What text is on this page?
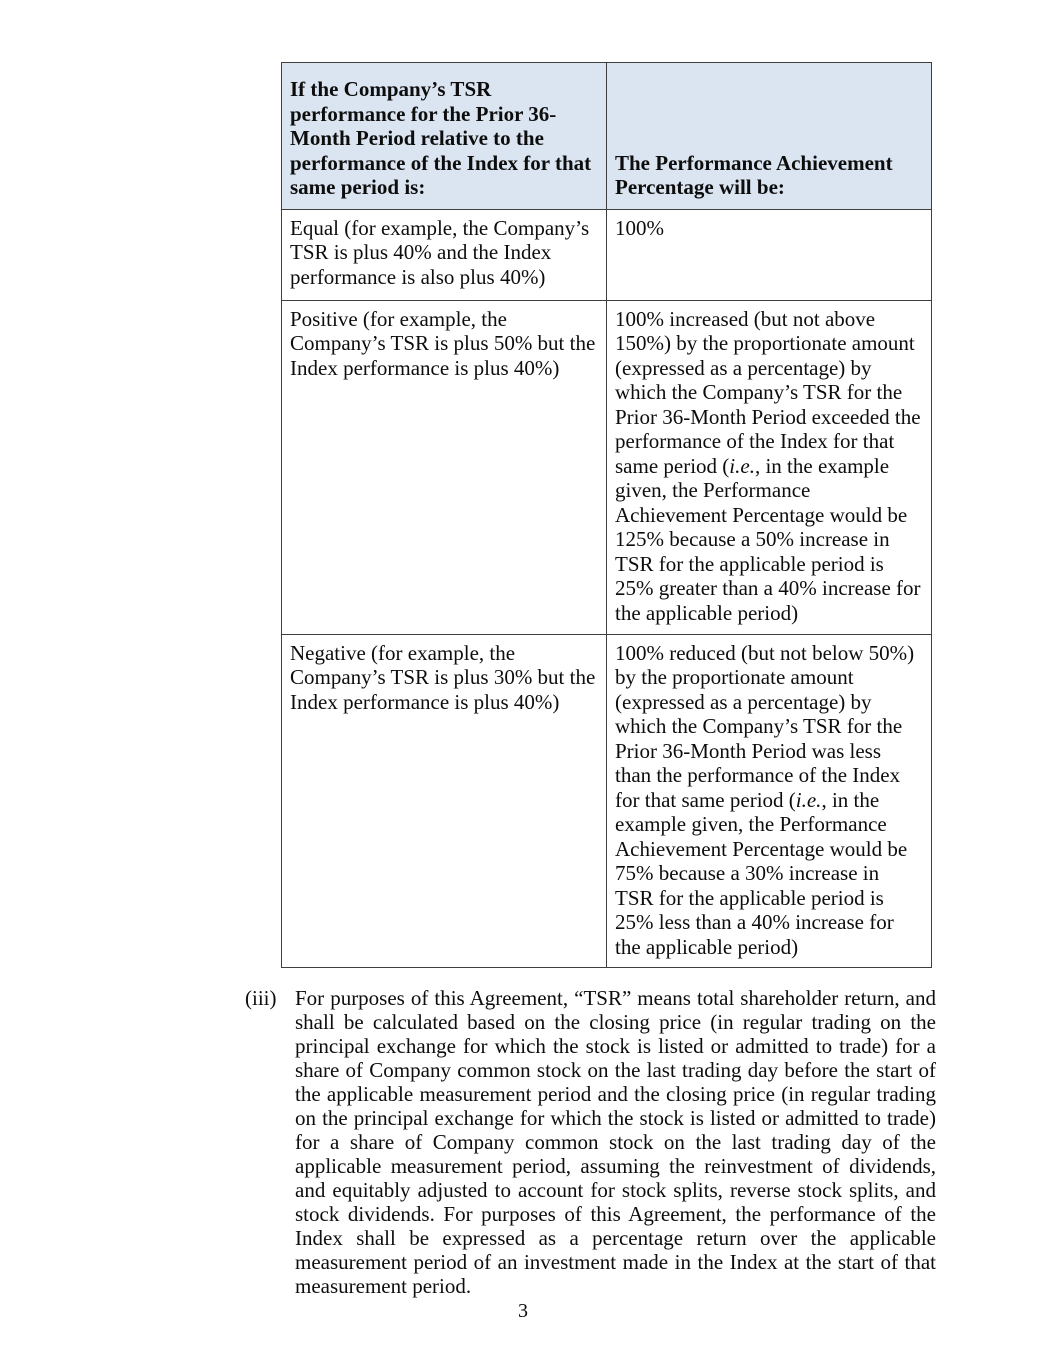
If the Company’s TSR performance for the Prior 36-Month Period relative to the performance of the Index for that same period is:	The Performance Achievement Percentage will be:
Equal (for example, the Company’s TSR is plus 40% and the Index performance is also plus 40%)	100%
Positive (for example, the Company’s TSR is plus 50% but the Index performance is plus 40%)	100% increased (but not above 150%) by the proportionate amount (expressed as a percentage) by which the Company’s TSR for the Prior 36-Month Period exceeded the performance of the Index for that same period (i.e., in the example given, the Performance Achievement Percentage would be 125% because a 50% increase in TSR for the applicable period is 25% greater than a 40% increase for the applicable period)
Negative (for example, the Company’s TSR is plus 30% but the Index performance is plus 40%)	100% reduced (but not below 50%) by the proportionate amount (expressed as a percentage) by which the Company’s TSR for the Prior 36-Month Period was less than the performance of the Index for that same period (i.e., in the example given, the Performance Achievement Percentage would be 75% because a 30% increase in TSR for the applicable period is 25% less than a 40% increase for the applicable period)
(iii) For purposes of this Agreement, “TSR” means total shareholder return, and shall be calculated based on the closing price (in regular trading on the principal exchange for which the stock is listed or admitted to trade) for a share of Company common stock on the last trading day before the start of the applicable measurement period and the closing price (in regular trading on the principal exchange for which the stock is listed or admitted to trade) for a share of Company common stock on the last trading day of the applicable measurement period, assuming the reinvestment of dividends, and equitably adjusted to account for stock splits, reverse stock splits, and stock dividends. For purposes of this Agreement, the performance of the Index shall be expressed as a percentage return over the applicable measurement period of an investment made in the Index at the start of that measurement period.
3
